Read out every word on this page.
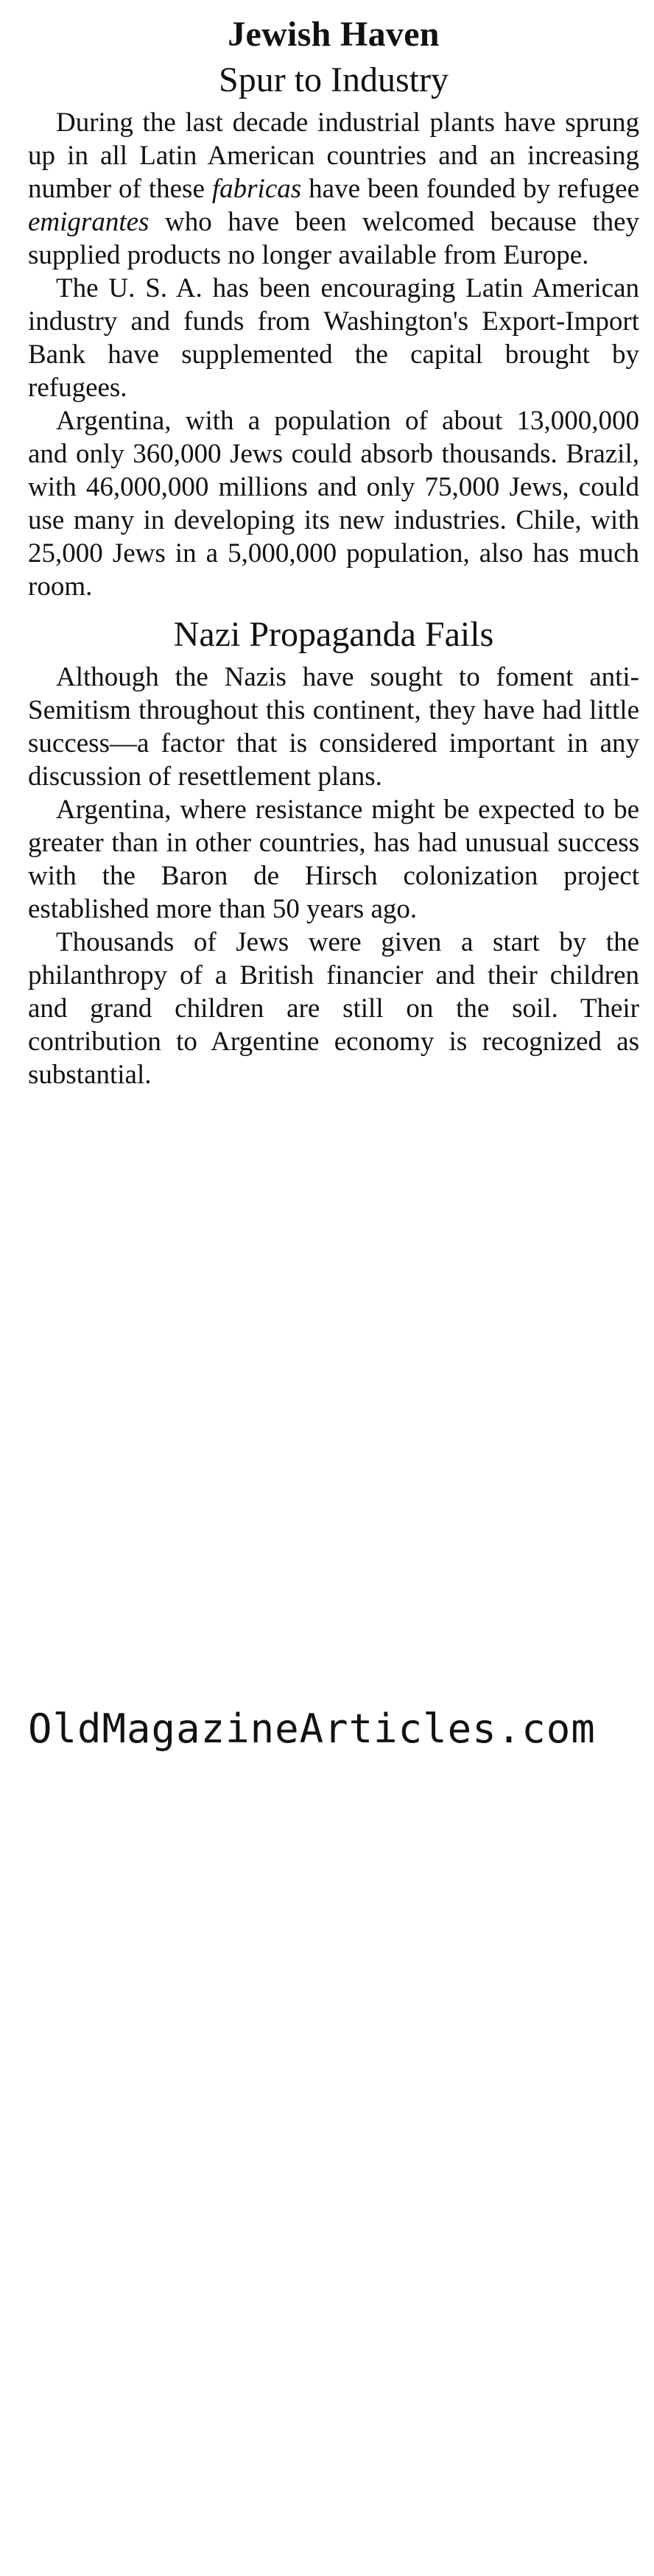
Jewish Haven
Spur to Industry

During the last decade industrial plants have sprung up in all Latin American countries and an increasing number of these fabricas have been founded by refugee emigrantes who have been welcomed because they supplied products no longer available from Europe.

The U. S. A. has been encouraging Latin American industry and funds from Washington's Export-Import Bank have supplemented the capital brought by refugees.

Argentina, with a population of about 13,000,000 and only 360,000 Jews could absorb thousands. Brazil, with 46,000,000 millions and only 75,000 Jews, could use many in developing its new industries. Chile, with 25,000 Jews in a 5,000,000 population, also has much room.

Nazi Propaganda Fails

Although the Nazis have sought to foment anti-Semitism throughout this continent, they have had little success—a factor that is considered important in any discussion of resettlement plans.

Argentina, where resistance might be expected to be greater than in other countries, has had unusual success with the Baron de Hirsch colonization project established more than 50 years ago.

Thousands of Jews were given a start by the philanthropy of a British financier and their children and grand children are still on the soil. Their contribution to Argentine economy is recognized as substantial.

OldMagazineArticles.com
